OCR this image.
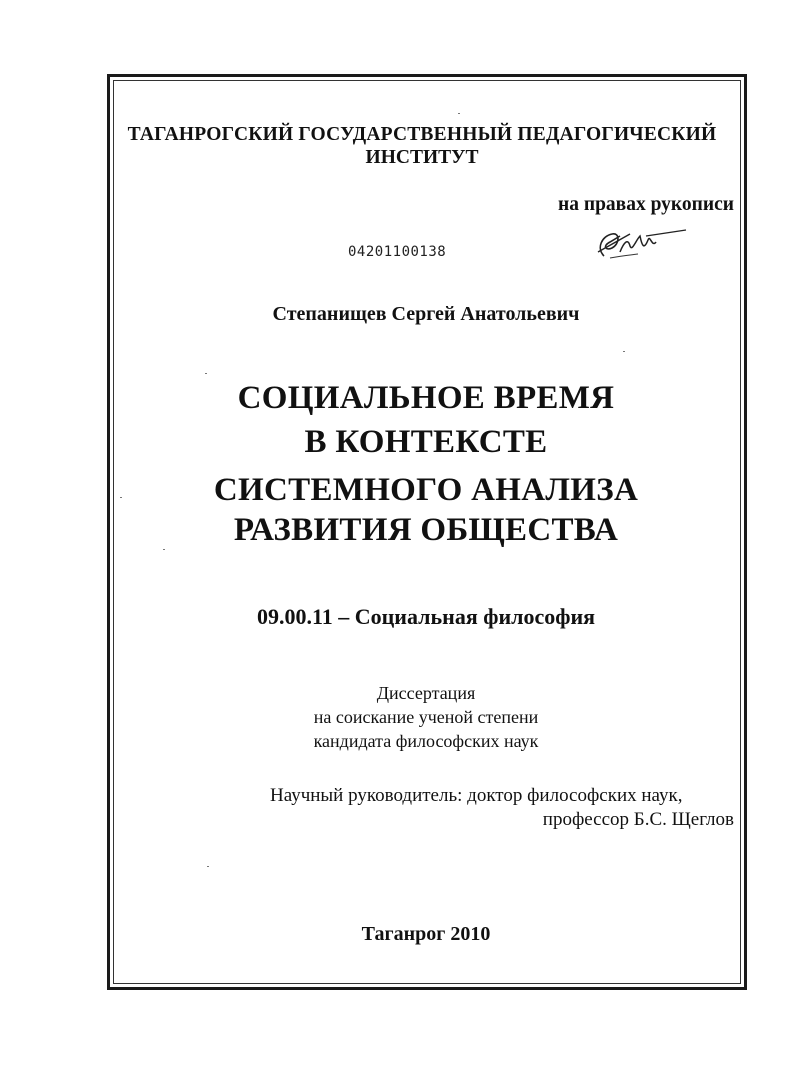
ТАГАНРОГСКИЙ ГОСУДАРСТВЕННЫЙ ПЕДАГОГИЧЕСКИЙ
ИНСТИТУТ
на правах рукописи
04201100138
Степанищев Сергей Анатольевич
СОЦИАЛЬНОЕ ВРЕМЯ
В КОНТЕКСТЕ
СИСТЕМНОГО АНАЛИЗА
РАЗВИТИЯ ОБЩЕСТВА
09.00.11 – Социальная философия
Диссертация
на соискание ученой степени
кандидата философских наук
Научный руководитель: доктор философских наук,
профессор Б.С. Щеглов
Таганрог 2010
